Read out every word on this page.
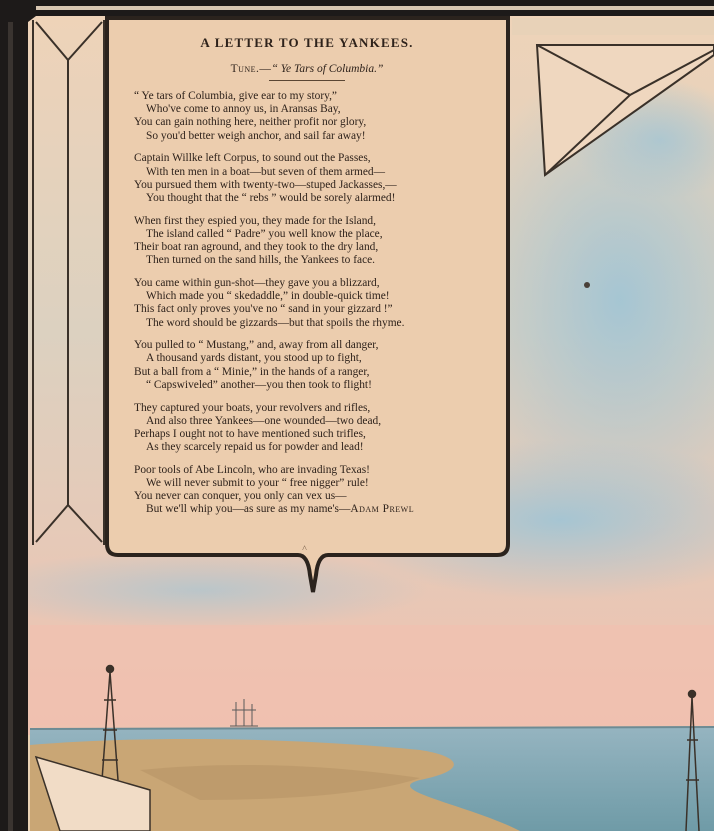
A LETTER TO THE YANKEES.
Tune.—“ Ye Tars of Columbia.”
“ Ye tars of Columbia, give ear to my story,”
Who've come to annoy us, in Aransas Bay,
You can gain nothing here, neither profit nor glory,
So you'd better weigh anchor, and sail far away!
Captain Willke left Corpus, to sound out the Passes,
With ten men in a boat—but seven of them armed—
You pursued them with twenty-two—stuped Jackasses,—
You thought that the “ rebs ” would be sorely alarmed!
When first they espied you, they made for the Island,
The island called “ Padre” you well know the place,
Their boat ran aground, and they took to the dry land,
Then turned on the sand hills, the Yankees to face.
You came within gun-shot—they gave you a blizzard,
Which made you “ skedaddle,” in double-quick time!
This fact only proves you've no “ sand in your gizzard !”
The word should be gizzards—but that spoils the rhyme.
You pulled to “ Mustang,” and, away from all danger,
A thousand yards distant, you stood up to fight,
But a ball from a “ Minie,” in the hands of a ranger,
“ Capswiveled” another—you then took to flight!
They captured your boats, your revolvers and rifles,
And also three Yankees—one wounded—two dead,
Perhaps I ought not to have mentioned such trifles,
As they scarcely repaid us for powder and lead!
Poor tools of Abe Lincoln, who are invading Texas!
We will never submit to your “ free nigger” rule!
You never can conquer, you only can vex us—
But we'll whip you—as sure as my name's—Adam Prewl
˄
